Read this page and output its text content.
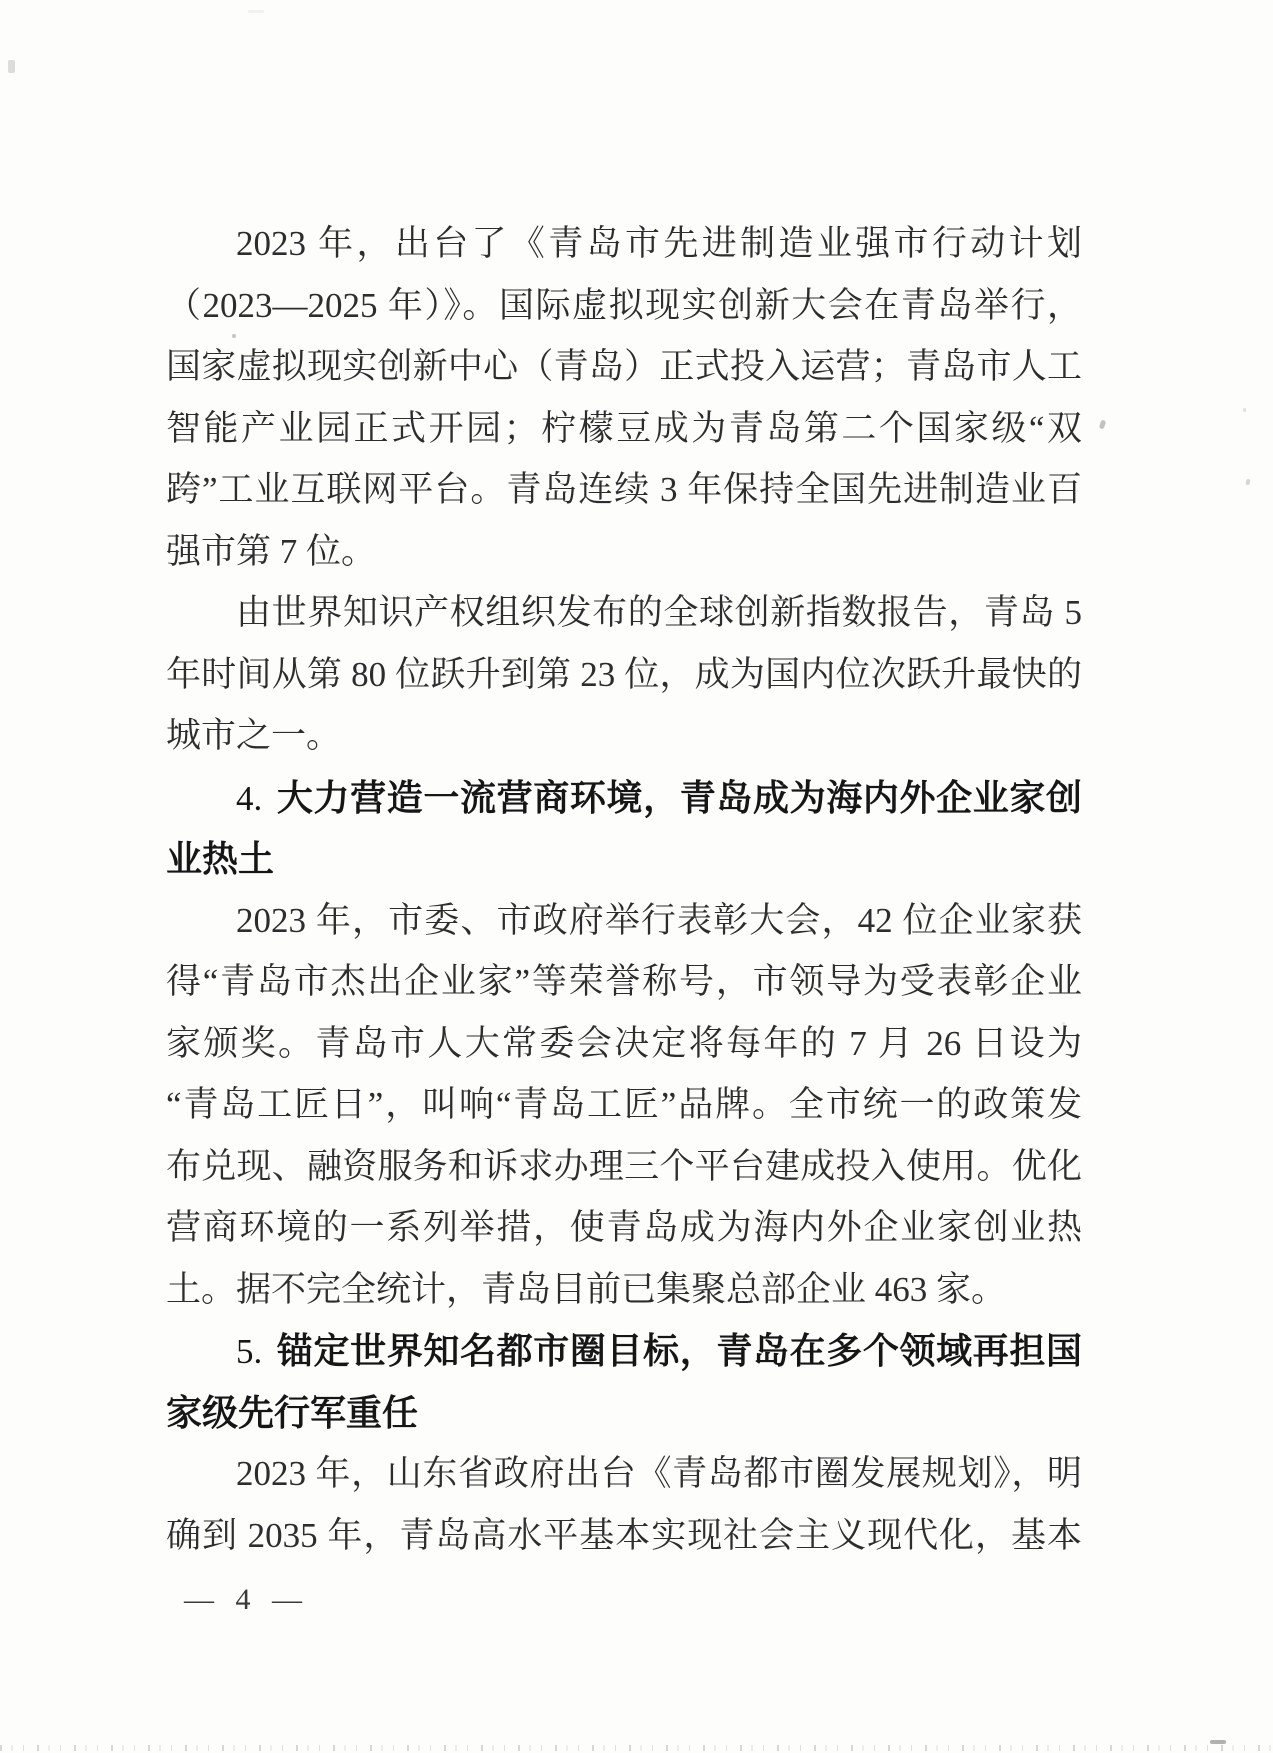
2023 年，出台了《青岛市先进制造业强市行动计划
（2023—2025 年）》。国际虚拟现实创新大会在青岛举行，
国家虚拟现实创新中心（青岛）正式投入运营；青岛市人工
智能产业园正式开园；柠檬豆成为青岛第二个国家级“双
跨”工业互联网平台。青岛连续 3 年保持全国先进制造业百
强市第 7 位。
由世界知识产权组织发布的全球创新指数报告，青岛 5
年时间从第 80 位跃升到第 23 位，成为国内位次跃升最快的
城市之一。
4. 大力营造一流营商环境，青岛成为海内外企业家创
业热土
2023 年，市委、市政府举行表彰大会，42 位企业家获
得“青岛市杰出企业家”等荣誉称号，市领导为受表彰企业
家颁奖。青岛市人大常委会决定将每年的 7 月 26 日设为
“青岛工匠日”，叫响“青岛工匠”品牌。全市统一的政策发
布兑现、融资服务和诉求办理三个平台建成投入使用。优化
营商环境的一系列举措，使青岛成为海内外企业家创业热
土。据不完全统计，青岛目前已集聚总部企业 463 家。
5. 锚定世界知名都市圈目标，青岛在多个领域再担国
家级先行军重任
2023 年，山东省政府出台《青岛都市圈发展规划》，明
确到 2035 年，青岛高水平基本实现社会主义现代化，基本
— 4 —
